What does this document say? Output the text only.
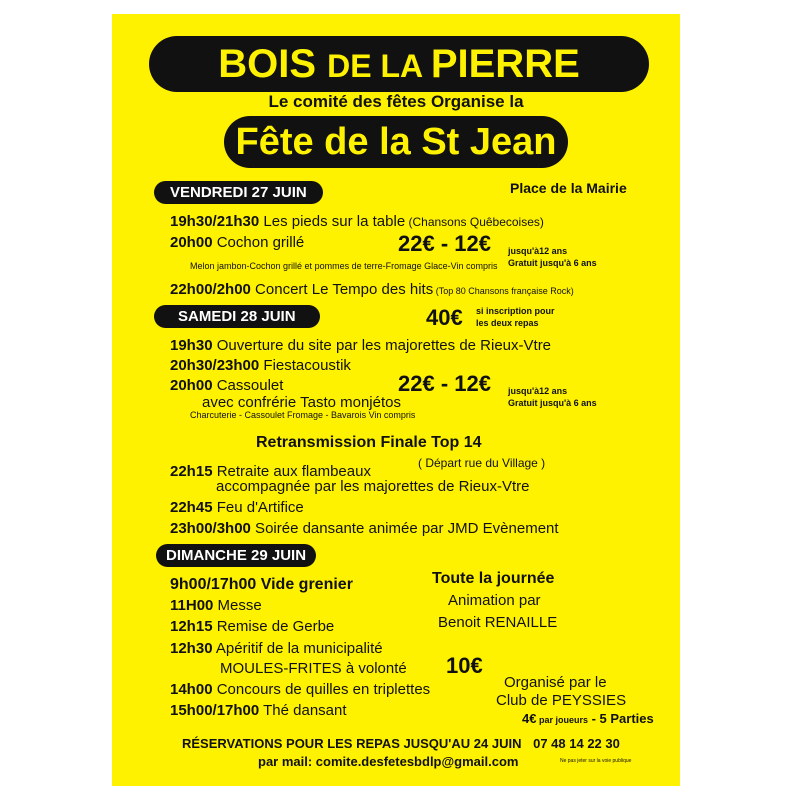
BOIS DE LA PIERRE
Le comité des fêtes Organise la
Fête de la St Jean
VENDREDI 27 JUIN	Place de la Mairie
19h30/21h30 Les pieds sur la table (Chansons Quêbecoises)
20h00 Cochon grillé	22€ - 12€ jusqu'à12 ans
Gratuit jusqu'à 6 ans
Melon jambon-Cochon grillé et pommes de terre-Fromage Glace-Vin compris
22h00/2h00 Concert Le Tempo des hits (Top 80 Chansons française Rock)
SAMEDI 28 JUIN	40€ si inscription pour
les deux repas
19h30 Ouverture du site par les majorettes de Rieux-Vtre
20h30/23h00 Fiestacoustik
20h00 Cassoulet
avec confrérie Tasto monjétos
22€ - 12€ jusqu'à12 ans
Gratuit jusqu'à 6 ans
Charcuterie - Cassoulet Fromage - Bavarois Vin compris
Retransmission Finale Top 14
22h15 Retraite aux flambeaux	( Départ rue du Village )
accompagnée par les majorettes de Rieux-Vtre
22h45 Feu d'Artifice
23h00/3h00 Soirée dansante animée par JMD Evènement
DIMANCHE 29 JUIN
9h00/17h00 Vide grenier
11H00 Messe
12h15 Remise de Gerbe
12h30 Apéritif de la municipalité
MOULES-FRITES à volonté 10€
14h00 Concours de quilles en triplettes
15h00/17h00 Thé dansant
Toute la journée
Animation par
Benoit RENAILLE
Organisé par le
Club de PEYSSIES
4€ par joueurs - 5 Parties
RÉSERVATIONS POUR LES REPAS JUSQU'AU 24 JUIN 07 48 14 22 30
par mail: comite.desfetesbdlp@gmail.com	Ne pas jeter sur la voie publique
